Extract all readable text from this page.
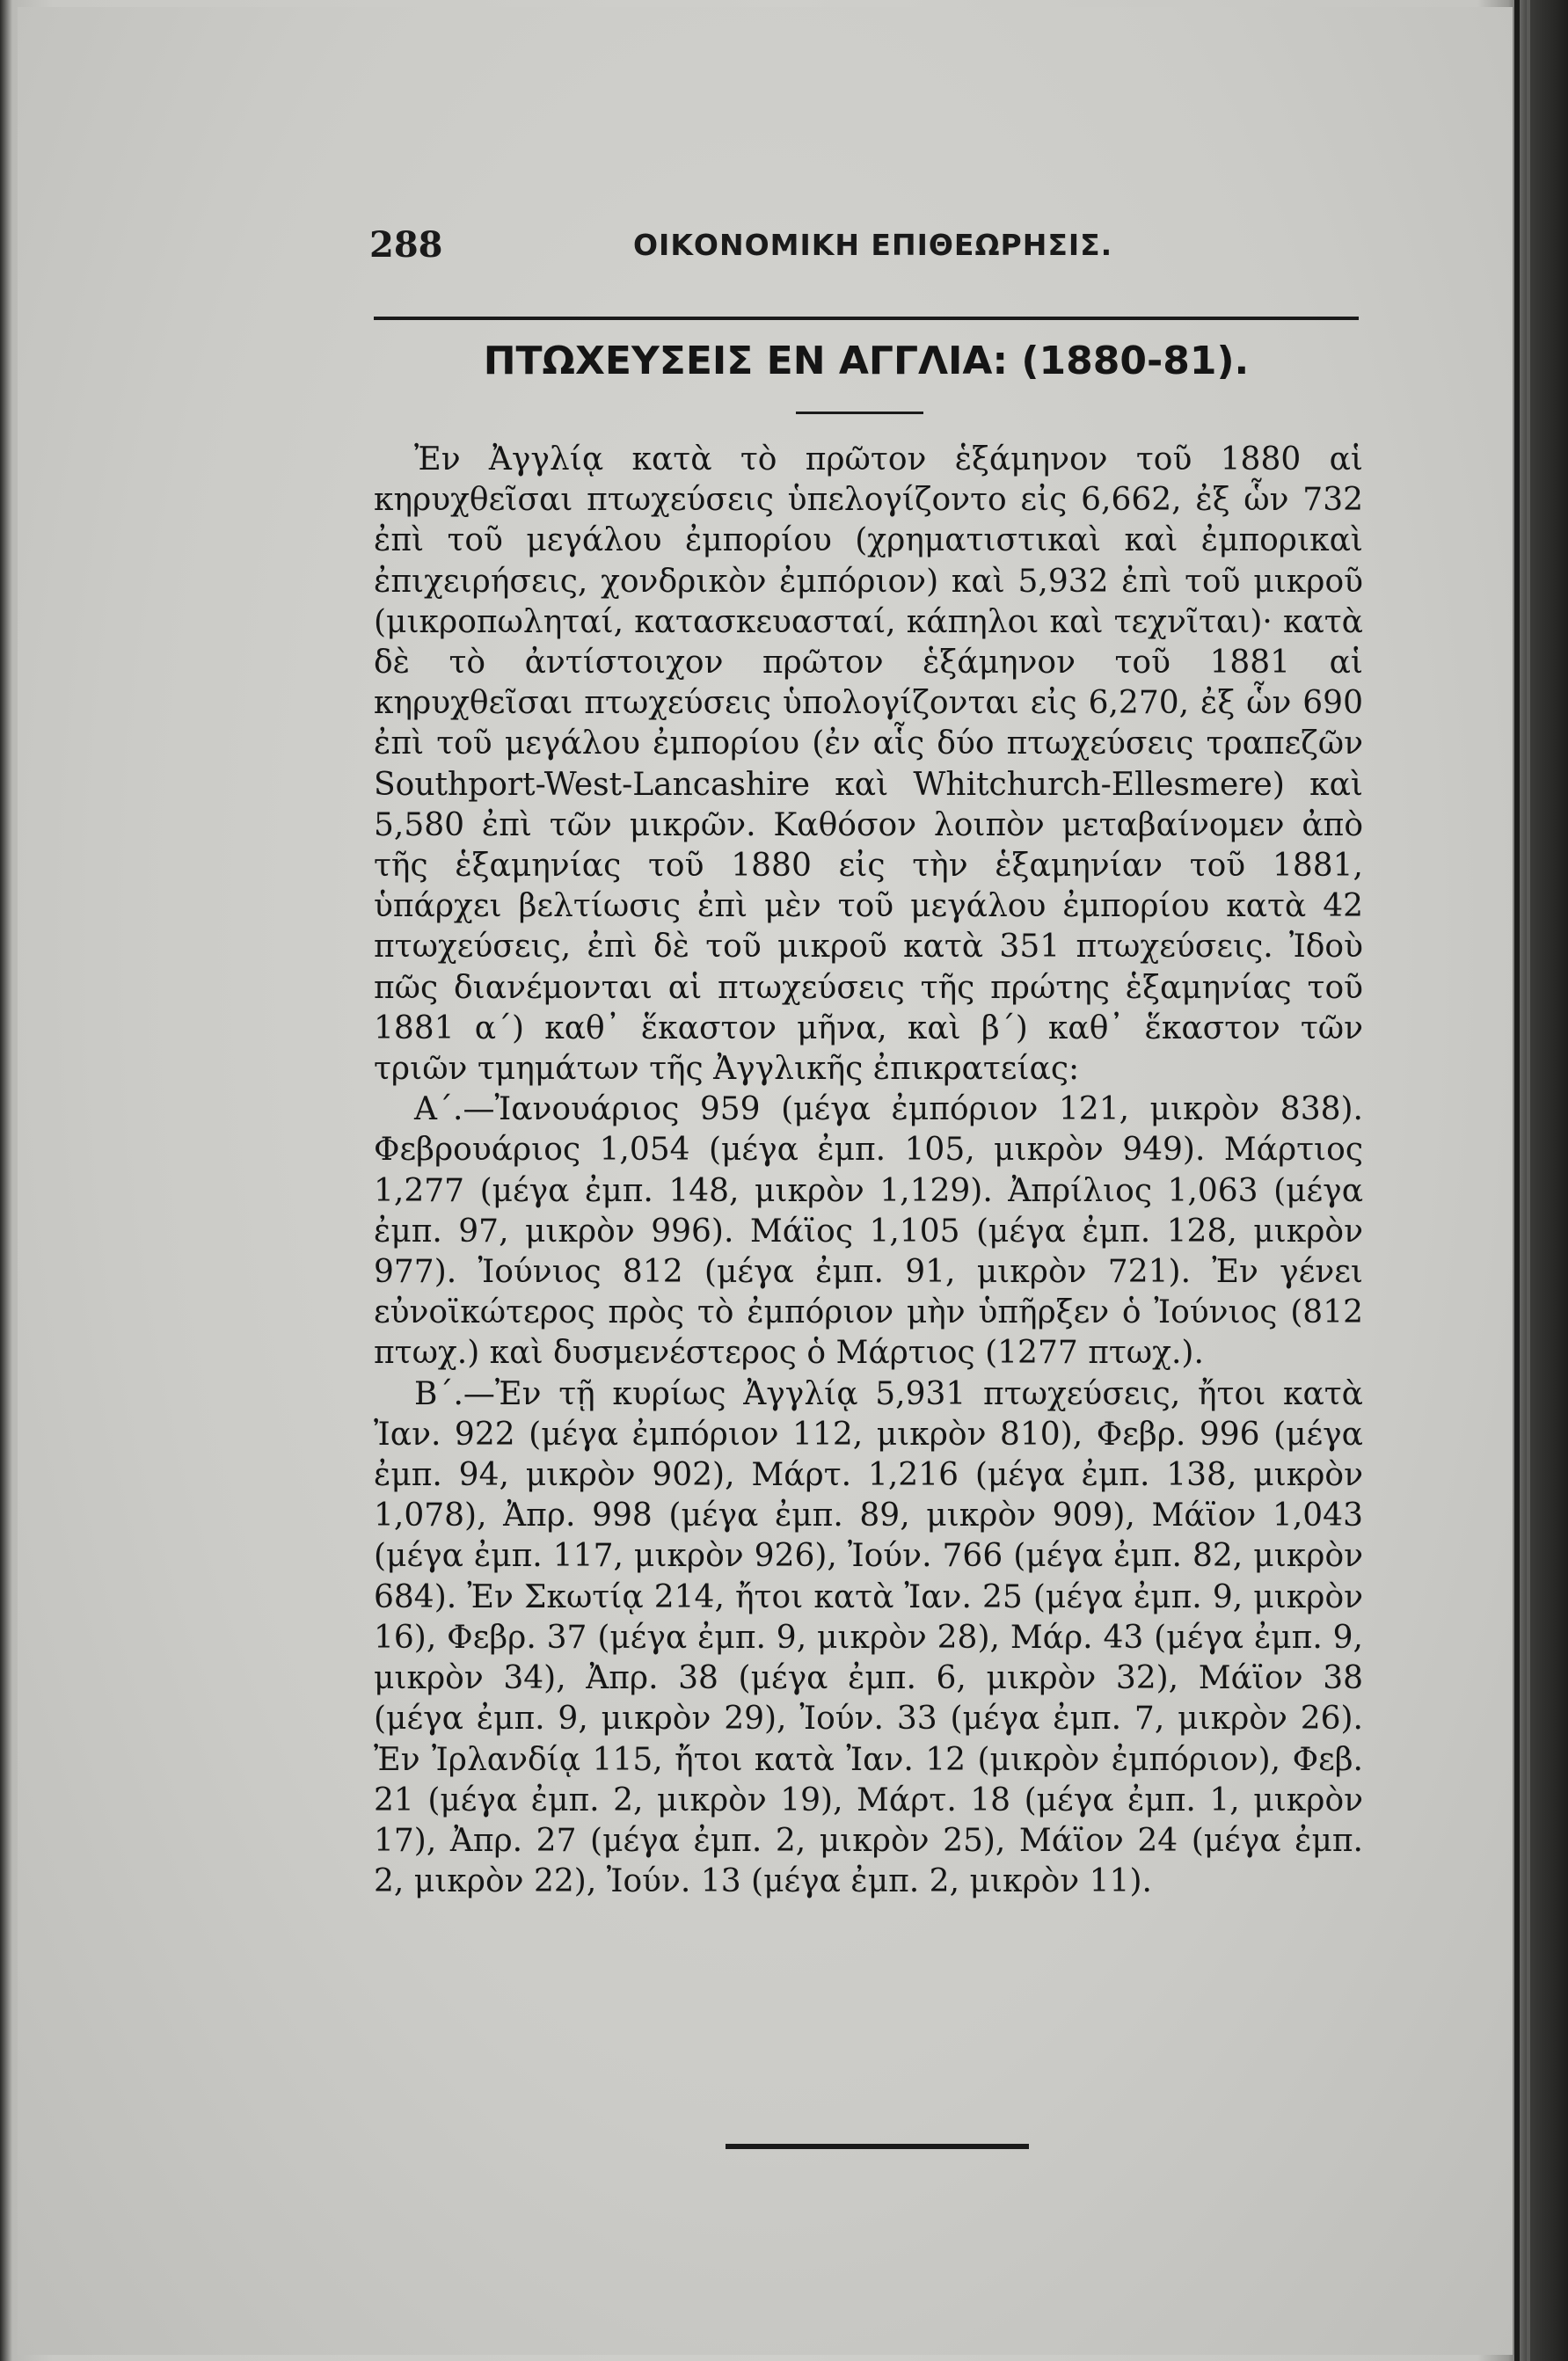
288	ΟΙΚΟΝΟΜΙΚΗ ΕΠΙΘΕΩΡΗΣΙΣ.
ΠΤΩΧΕΥΣΕΙΣ ΕΝ ΑΓΓΛΙΑ: (1880-81).

Ἐν Ἀγγλίᾳ κατὰ τὸ πρῶτον ἑξάμηνον τοῦ 1880 αἱ κηρυχθεῖσαι πτωχεύσεις ὑπελογίζοντο εἰς 6,662, ἐξ ὧν 732 ἐπὶ τοῦ μεγάλου ἐμπορίου (χρηματιστικαὶ καὶ ἐμπορικαὶ ἐπιχειρήσεις, χονδρικὸν ἐμπόριον) καὶ 5,932 ἐπὶ τοῦ μικροῦ (μικροπωληταί, κατασκευασταί, κάπηλοι καὶ τεχνῖται)· κατὰ δὲ τὸ ἀντίστοιχον πρῶτον ἑξάμηνον τοῦ 1881 αἱ κηρυχθεῖσαι πτωχεύσεις ὑπολογίζονται εἰς 6,270, ἐξ ὧν 690 ἐπὶ τοῦ μεγάλου ἐμπορίου (ἐν αἷς δύο πτωχεύσεις τραπεζῶν Southport-West-Lancashire καὶ Whitchurch-Ellesmere) καὶ 5,580 ἐπὶ τῶν μικρῶν. Καθόσον λοιπὸν μεταβαίνομεν ἀπὸ τῆς ἑξαμηνίας τοῦ 1880 εἰς τὴν ἑξαμηνίαν τοῦ 1881, ὑπάρχει βελτίωσις ἐπὶ μὲν τοῦ μεγάλου ἐμπορίου κατὰ 42 πτωχεύσεις, ἐπὶ δὲ τοῦ μικροῦ κατὰ 351 πτωχεύσεις. Ἰδοὺ πῶς διανέμονται αἱ πτωχεύσεις τῆς πρώτης ἑξαμηνίας τοῦ 1881 α΄) καθ᾽ ἕκαστον μῆνα, καὶ β΄) καθ᾽ ἕκαστον τῶν τριῶν τμημάτων τῆς Ἀγγλικῆς ἐπικρατείας:

Α΄.—Ἰανουάριος 959 (μέγα ἐμπόριον 121, μικρὸν 838). Φεβρουάριος 1,054 (μέγα ἐμπ. 105, μικρὸν 949). Μάρτιος 1,277 (μέγα ἐμπ. 148, μικρὸν 1,129). Ἀπρίλιος 1,063 (μέγα ἐμπ. 97, μικρὸν 996). Μάϊος 1,105 (μέγα ἐμπ. 128, μικρὸν 977). Ἰούνιος 812 (μέγα ἐμπ. 91, μικρὸν 721). Ἐν γένει εὐνοϊκώτερος πρὸς τὸ ἐμπόριον μὴν ὑπῆρξεν ὁ Ἰούνιος (812 πτωχ.) καὶ δυσμενέστερος ὁ Μάρτιος (1277 πτωχ.).

Β΄.—Ἐν τῇ κυρίως Ἀγγλίᾳ 5,931 πτωχεύσεις, ἤτοι κατὰ Ἰαν. 922 (μέγα ἐμπόριον 112, μικρὸν 810), Φεβρ. 996 (μέγα ἐμπ. 94, μικρὸν 902), Μάρτ. 1,216 (μέγα ἐμπ. 138, μικρὸν 1,078), Ἀπρ. 998 (μέγα ἐμπ. 89, μικρὸν 909), Μάϊον 1,043 (μέγα ἐμπ. 117, μικρὸν 926), Ἰούν. 766 (μέγα ἐμπ. 82, μικρὸν 684). Ἐν Σκωτίᾳ 214, ἤτοι κατὰ Ἰαν. 25 (μέγα ἐμπ. 9, μικρὸν 16), Φεβρ. 37 (μέγα ἐμπ. 9, μικρὸν 28), Μάρ. 43 (μέγα ἐμπ. 9, μικρὸν 34), Ἀπρ. 38 (μέγα ἐμπ. 6, μικρὸν 32), Μάϊον 38 (μέγα ἐμπ. 9, μικρὸν 29), Ἰούν. 33 (μέγα ἐμπ. 7, μικρὸν 26). Ἐν Ἰρλανδίᾳ 115, ἤτοι κατὰ Ἰαν. 12 (μικρὸν ἐμπόριον), Φεβ. 21 (μέγα ἐμπ. 2, μικρὸν 19), Μάρτ. 18 (μέγα ἐμπ. 1, μικρὸν 17), Ἀπρ. 27 (μέγα ἐμπ. 2, μικρὸν 25), Μάϊον 24 (μέγα ἐμπ. 2, μικρὸν 22), Ἰούν. 13 (μέγα ἐμπ. 2, μικρὸν 11).
